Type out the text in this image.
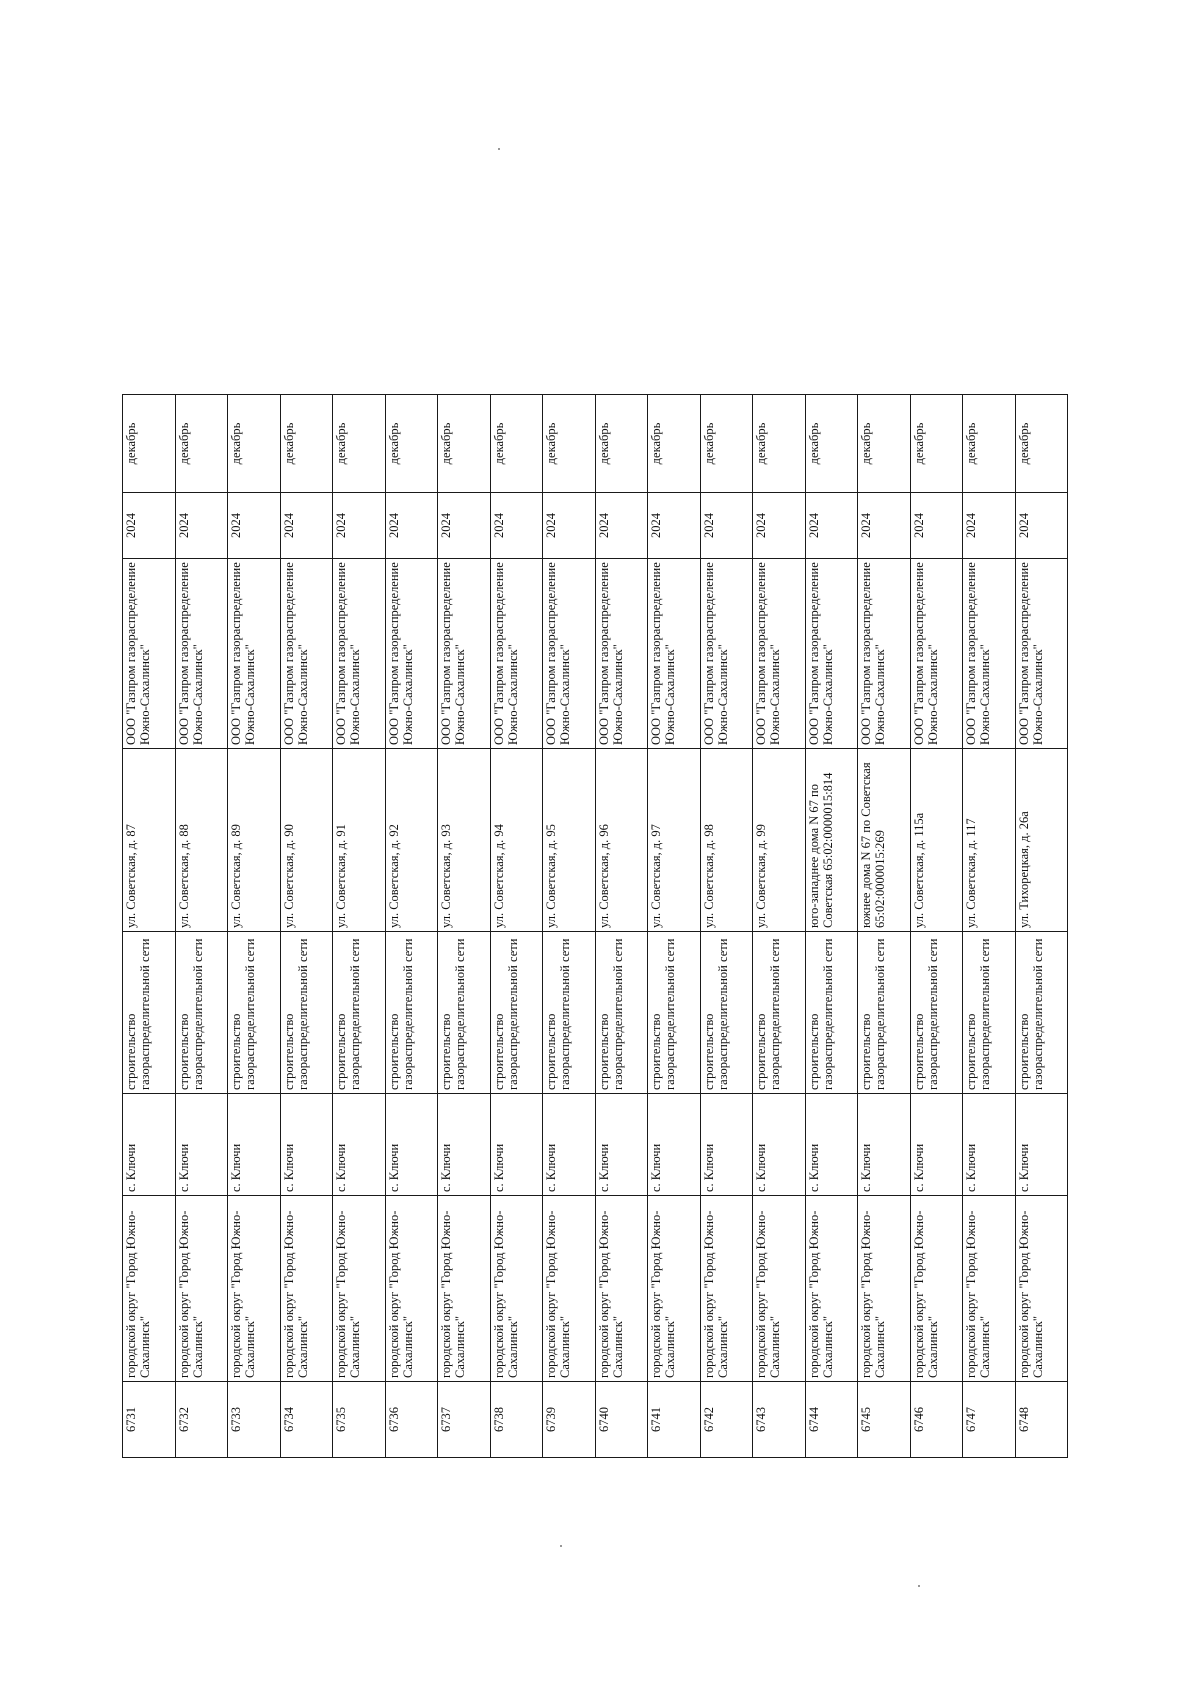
6731	городской округ "Город Южно-Сахалинск"	с. Ключи	строительство газораспределительной сети	ул. Советская, д. 87	ООО "Газпром газораспределение Южно-Сахалинск"	2024	декабрь
6732	городской округ "Город Южно-Сахалинск"	с. Ключи	строительство газораспределительной сети	ул. Советская, д. 88	ООО "Газпром газораспределение Южно-Сахалинск"	2024	декабрь
6733	городской округ "Город Южно-Сахалинск"	с. Ключи	строительство газораспределительной сети	ул. Советская, д. 89	ООО "Газпром газораспределение Южно-Сахалинск"	2024	декабрь
6734	городской округ "Город Южно-Сахалинск"	с. Ключи	строительство газораспределительной сети	ул. Советская, д. 90	ООО "Газпром газораспределение Южно-Сахалинск"	2024	декабрь
6735	городской округ "Город Южно-Сахалинск"	с. Ключи	строительство газораспределительной сети	ул. Советская, д. 91	ООО "Газпром газораспределение Южно-Сахалинск"	2024	декабрь
6736	городской округ "Город Южно-Сахалинск"	с. Ключи	строительство газораспределительной сети	ул. Советская, д. 92	ООО "Газпром газораспределение Южно-Сахалинск"	2024	декабрь
6737	городской округ "Город Южно-Сахалинск"	с. Ключи	строительство газораспределительной сети	ул. Советская, д. 93	ООО "Газпром газораспределение Южно-Сахалинск"	2024	декабрь
6738	городской округ "Город Южно-Сахалинск"	с. Ключи	строительство газораспределительной сети	ул. Советская, д. 94	ООО "Газпром газораспределение Южно-Сахалинск"	2024	декабрь
6739	городской округ "Город Южно-Сахалинск"	с. Ключи	строительство газораспределительной сети	ул. Советская, д. 95	ООО "Газпром газораспределение Южно-Сахалинск"	2024	декабрь
6740	городской округ "Город Южно-Сахалинск"	с. Ключи	строительство газораспределительной сети	ул. Советская, д. 96	ООО "Газпром газораспределение Южно-Сахалинск"	2024	декабрь
6741	городской округ "Город Южно-Сахалинск"	с. Ключи	строительство газораспределительной сети	ул. Советская, д. 97	ООО "Газпром газораспределение Южно-Сахалинск"	2024	декабрь
6742	городской округ "Город Южно-Сахалинск"	с. Ключи	строительство газораспределительной сети	ул. Советская, д. 98	ООО "Газпром газораспределение Южно-Сахалинск"	2024	декабрь
6743	городской округ "Город Южно-Сахалинск"	с. Ключи	строительство газораспределительной сети	ул. Советская, д. 99	ООО "Газпром газораспределение Южно-Сахалинск"	2024	декабрь
6744	городской округ "Город Южно-Сахалинск"	с. Ключи	строительство газораспределительной сети	юго-западнее дома N 67 по Советская 65:02:0000015:814	ООО "Газпром газораспределение Южно-Сахалинск"	2024	декабрь
6745	городской округ "Город Южно-Сахалинск"	с. Ключи	строительство газораспределительной сети	южнее дома N 67 по Советская 65:02:0000015:269	ООО "Газпром газораспределение Южно-Сахалинск"	2024	декабрь
6746	городской округ "Город Южно-Сахалинск"	с. Ключи	строительство газораспределительной сети	ул. Советская, д. 115а	ООО "Газпром газораспределение Южно-Сахалинск"	2024	декабрь
6747	городской округ "Город Южно-Сахалинск"	с. Ключи	строительство газораспределительной сети	ул. Советская, д. 117	ООО "Газпром газораспределение Южно-Сахалинск"	2024	декабрь
6748	городской округ "Город Южно-Сахалинск"	с. Ключи	строительство газораспределительной сети	ул. Тихорецкая, д. 26а	ООО "Газпром газораспределение Южно-Сахалинск"	2024	декабрь
